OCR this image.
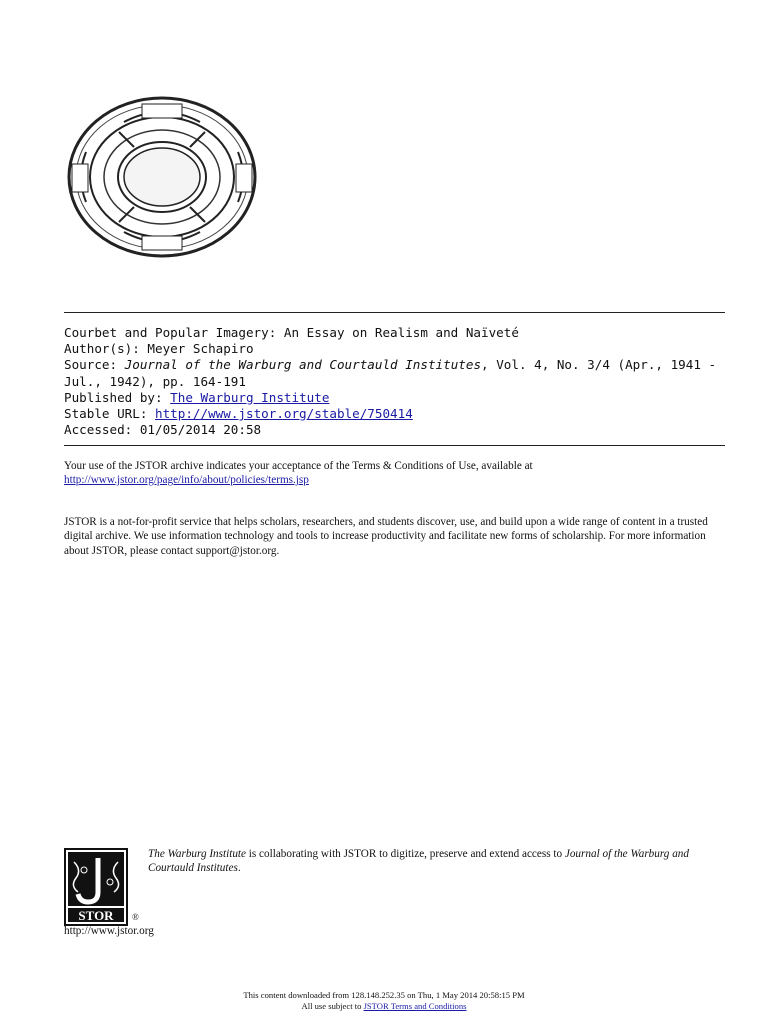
Courbet and Popular Imagery: An Essay on Realism and Naïveté
Author(s): Meyer Schapiro
Source: Journal of the Warburg and Courtauld Institutes, Vol. 4, No. 3/4 (Apr., 1941 - Jul., 1942), pp. 164-191
Published by: The Warburg Institute
Stable URL: http://www.jstor.org/stable/750414
Accessed: 01/05/2014 20:58
Your use of the JSTOR archive indicates your acceptance of the Terms & Conditions of Use, available at
http://www.jstor.org/page/info/about/policies/terms.jsp
JSTOR is a not-for-profit service that helps scholars, researchers, and students discover, use, and build upon a wide range of content in a trusted digital archive. We use information technology and tools to increase productivity and facilitate new forms of scholarship. For more information about JSTOR, please contact support@jstor.org.
STOR ®
The Warburg Institute is collaborating with JSTOR to digitize, preserve and extend access to Journal of the Warburg and Courtauld Institutes.
http://www.jstor.org
This content downloaded from 128.148.252.35 on Thu, 1 May 2014 20:58:15 PM
All use subject to JSTOR Terms and Conditions
